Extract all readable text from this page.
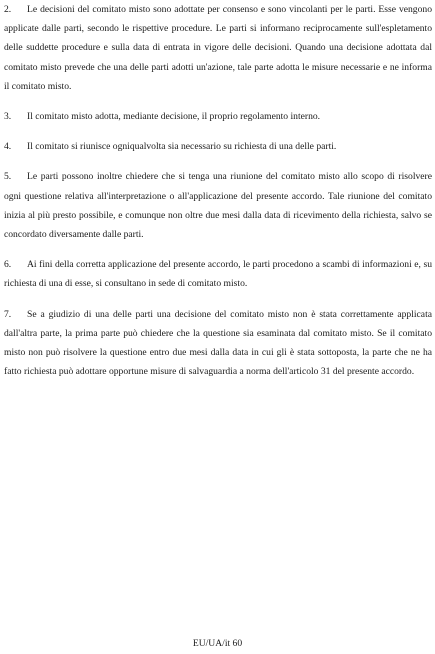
2. Le decisioni del comitato misto sono adottate per consenso e sono vincolanti per le parti. Esse vengono applicate dalle parti, secondo le rispettive procedure. Le parti si informano reciprocamente sull'espletamento delle suddette procedure e sulla data di entrata in vigore delle decisioni. Quando una decisione adottata dal comitato misto prevede che una delle parti adotti un'azione, tale parte adotta le misure necessarie e ne informa il comitato misto.

3. Il comitato misto adotta, mediante decisione, il proprio regolamento interno.

4. Il comitato si riunisce ogniqualvolta sia necessario su richiesta di una delle parti.

5. Le parti possono inoltre chiedere che si tenga una riunione del comitato misto allo scopo di risolvere ogni questione relativa all'interpretazione o all'applicazione del presente accordo. Tale riunione del comitato inizia al più presto possibile, e comunque non oltre due mesi dalla data di ricevimento della richiesta, salvo se concordato diversamente dalle parti.

6. Ai fini della corretta applicazione del presente accordo, le parti procedono a scambi di informazioni e, su richiesta di una di esse, si consultano in sede di comitato misto.

7. Se a giudizio di una delle parti una decisione del comitato misto non è stata correttamente applicata dall'altra parte, la prima parte può chiedere che la questione sia esaminata dal comitato misto. Se il comitato misto non può risolvere la questione entro due mesi dalla data in cui gli è stata sottoposta, la parte che ne ha fatto richiesta può adottare opportune misure di salvaguardia a norma dell'articolo 31 del presente accordo.

EU/UA/it 60
